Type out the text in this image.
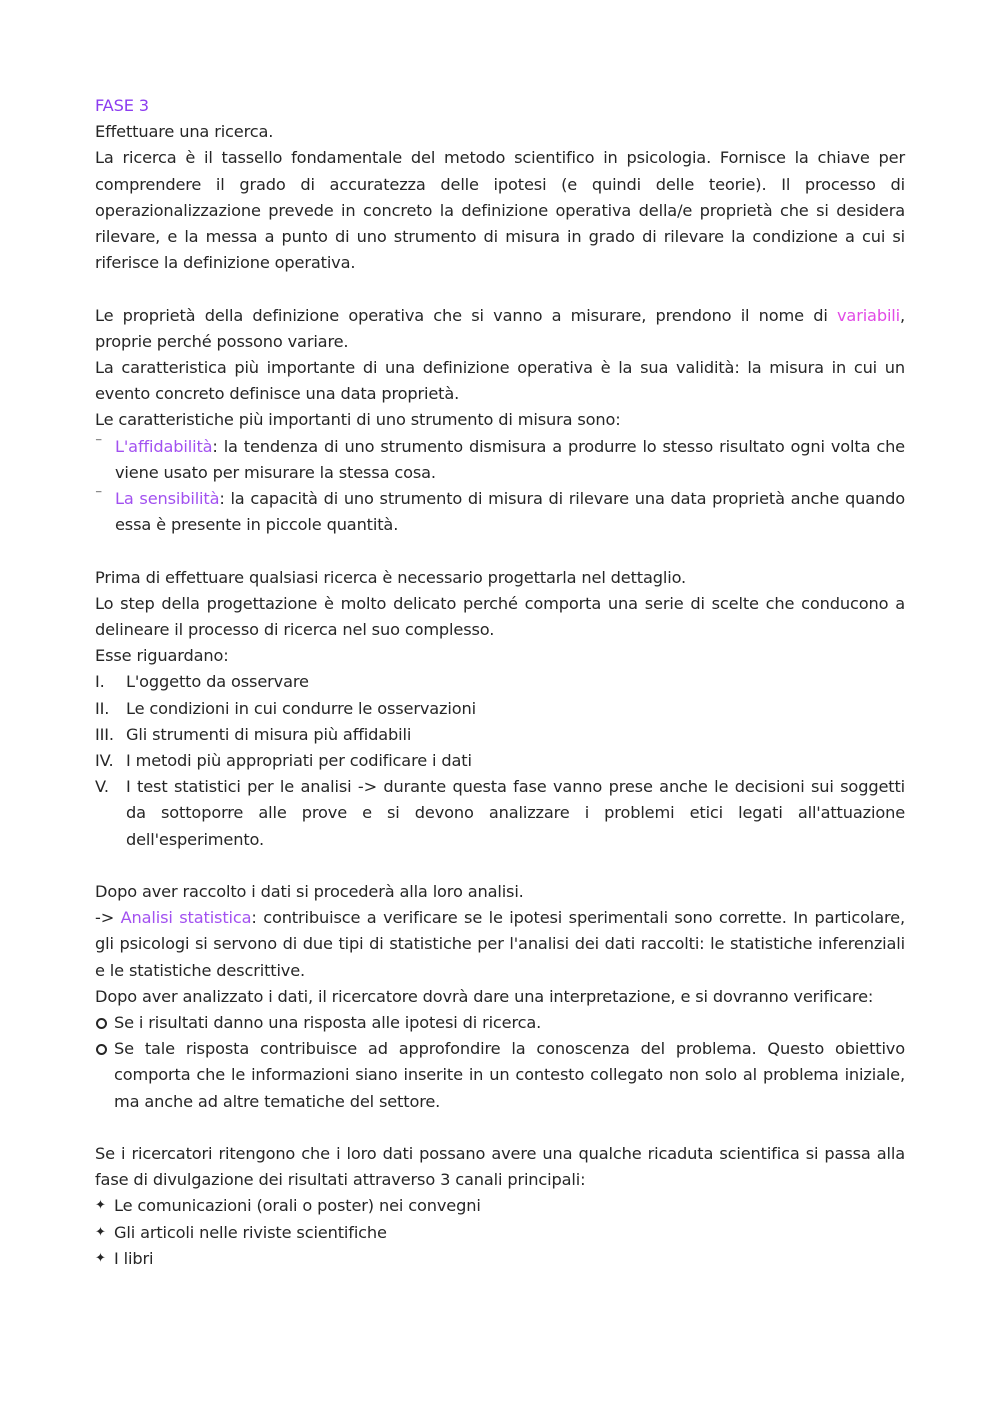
FASE 3

Effettuare una ricerca.

La ricerca è il tassello fondamentale del metodo scientifico in psicologia. Fornisce la chiave per comprendere il grado di accuratezza delle ipotesi (e quindi delle teorie). Il processo di operazionalizzazione prevede in concreto la definizione operativa della/e proprietà che si desidera rilevare, e la messa a punto di uno strumento di misura in grado di rilevare la condizione a cui si riferisce la definizione operativa.

Le proprietà della definizione operativa che si vanno a misurare, prendono il nome di variabili, proprie perché possono variare.

La caratteristica più importante di una definizione operativa è la sua validità: la misura in cui un evento concreto definisce una data proprietà.

Le caratteristiche più importanti di uno strumento di misura sono:

⁻ L'affidabilità: la tendenza di uno strumento dismisura a produrre lo stesso risultato ogni volta che viene usato per misurare la stessa cosa.
⁻ La sensibilità: la capacità di uno strumento di misura di rilevare una data proprietà anche quando essa è presente in piccole quantità.

Prima di effettuare qualsiasi ricerca è necessario progettarla nel dettaglio.

Lo step della progettazione è molto delicato perché comporta una serie di scelte che conducono a delineare il processo di ricerca nel suo complesso.

Esse riguardano:

I. L'oggetto da osservare
II. Le condizioni in cui condurre le osservazioni
III. Gli strumenti di misura più affidabili
IV. I metodi più appropriati per codificare i dati
V. I test statistici per le analisi -> durante questa fase vanno prese anche le decisioni sui soggetti da sottoporre alle prove e si devono analizzare i problemi etici legati all'attuazione dell'esperimento.

Dopo aver raccolto i dati si procederà alla loro analisi.

-> Analisi statistica: contribuisce a verificare se le ipotesi sperimentali sono corrette. In particolare, gli psicologi si servono di due tipi di statistiche per l'analisi dei dati raccolti: le statistiche inferenziali e le statistiche descrittive.

Dopo aver analizzato i dati, il ricercatore dovrà dare una interpretazione, e si dovranno verificare:

Se i risultati danno una risposta alle ipotesi di ricerca.
Se tale risposta contribuisce ad approfondire la conoscenza del problema. Questo obiettivo comporta che le informazioni siano inserite in un contesto collegato non solo al problema iniziale, ma anche ad altre tematiche del settore.

Se i ricercatori ritengono che i loro dati possano avere una qualche ricaduta scientifica si passa alla fase di divulgazione dei risultati attraverso 3 canali principali:

✦ Le comunicazioni (orali o poster) nei convegni
✦ Gli articoli nelle riviste scientifiche
✦ I libri
